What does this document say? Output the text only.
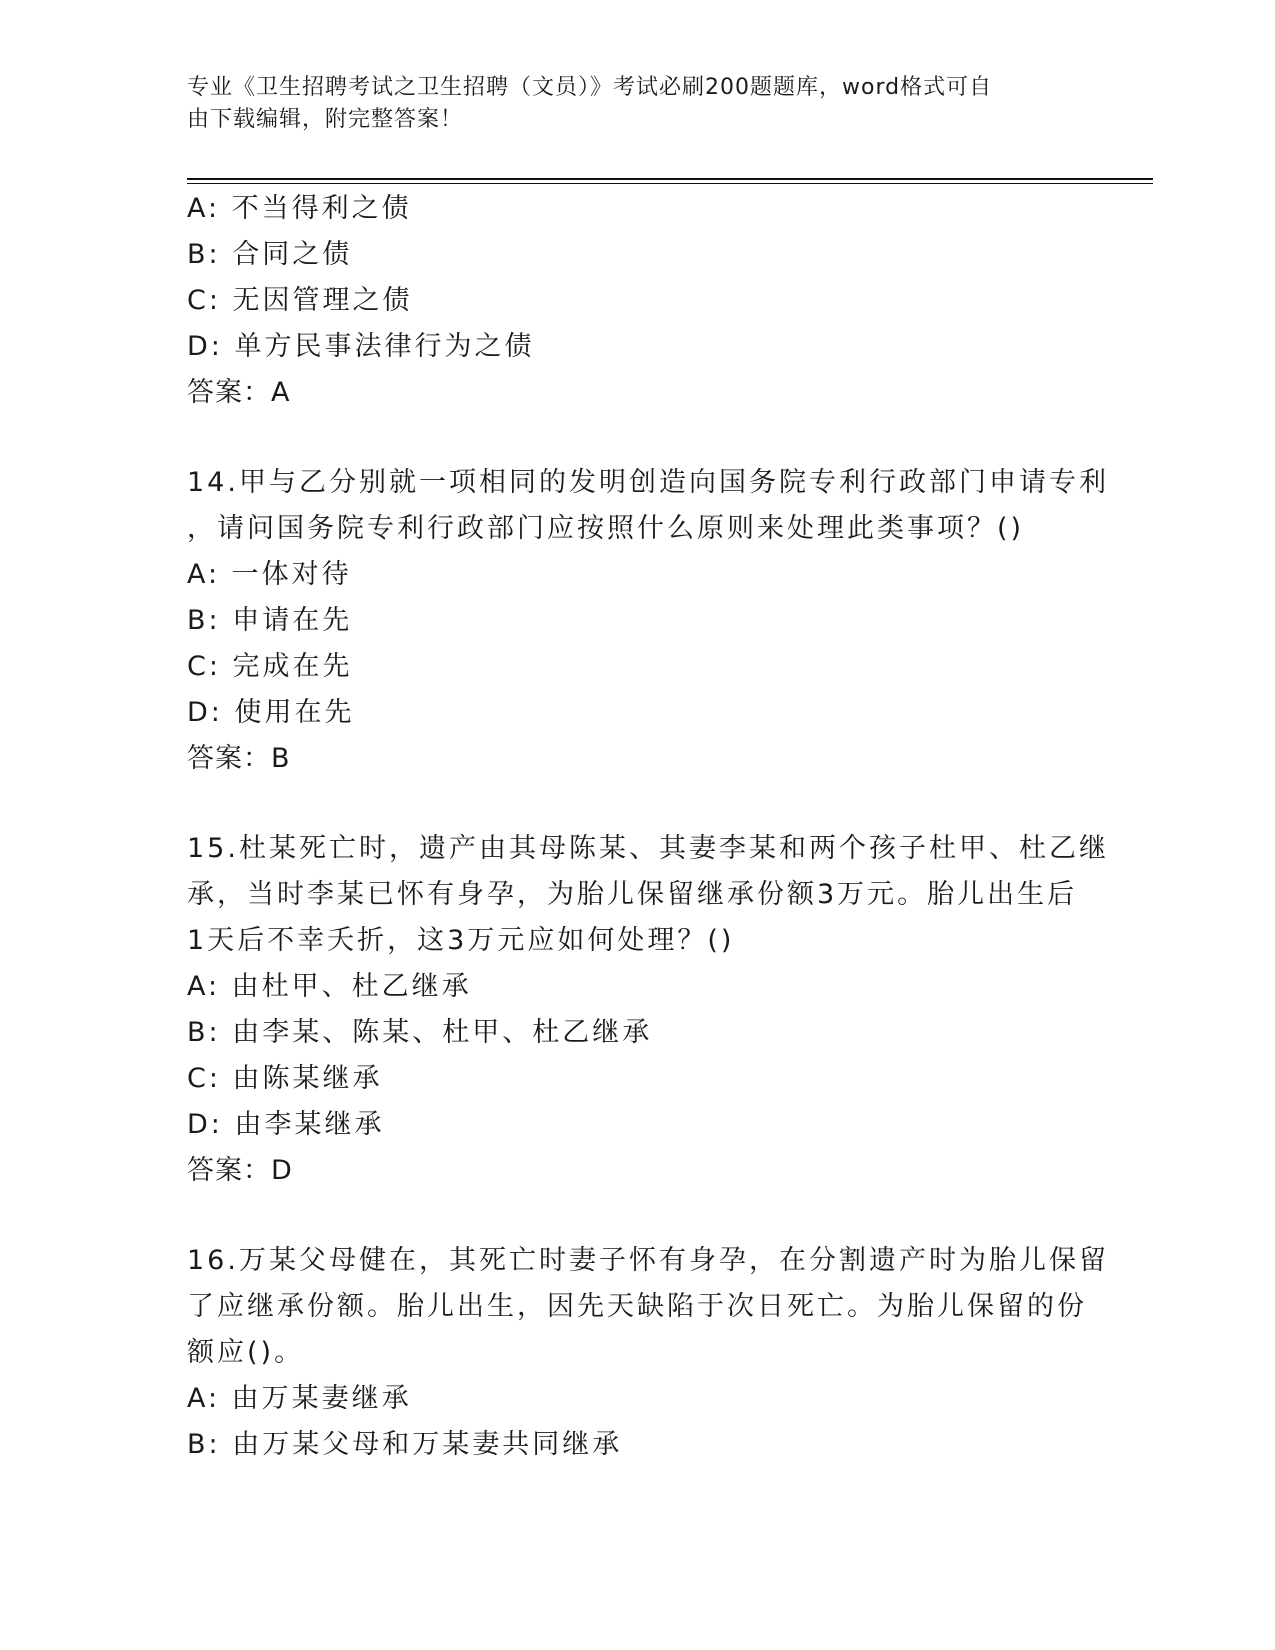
专业《卫生招聘考试之卫生招聘（文员）》考试必刷200题题库，word格式可自
由下载编辑，附完整答案！

A: 不当得利之债

B: 合同之债

C: 无因管理之债

D: 单方民事法律行为之债

答案：A

14.甲与乙分别就一项相同的发明创造向国务院专利行政部门申请专利

，请问国务院专利行政部门应按照什么原则来处理此类事项？()

A: 一体对待

B: 申请在先

C: 完成在先

D: 使用在先

答案：B

15.杜某死亡时，遗产由其母陈某、其妻李某和两个孩子杜甲、杜乙继

承，当时李某已怀有身孕，为胎儿保留继承份额3万元。胎儿出生后

1天后不幸夭折，这3万元应如何处理？()

A: 由杜甲、杜乙继承

B: 由李某、陈某、杜甲、杜乙继承

C: 由陈某继承

D: 由李某继承

答案：D

16.万某父母健在，其死亡时妻子怀有身孕，在分割遗产时为胎儿保留

了应继承份额。胎儿出生，因先天缺陷于次日死亡。为胎儿保留的份

额应()。

A: 由万某妻继承

B: 由万某父母和万某妻共同继承
